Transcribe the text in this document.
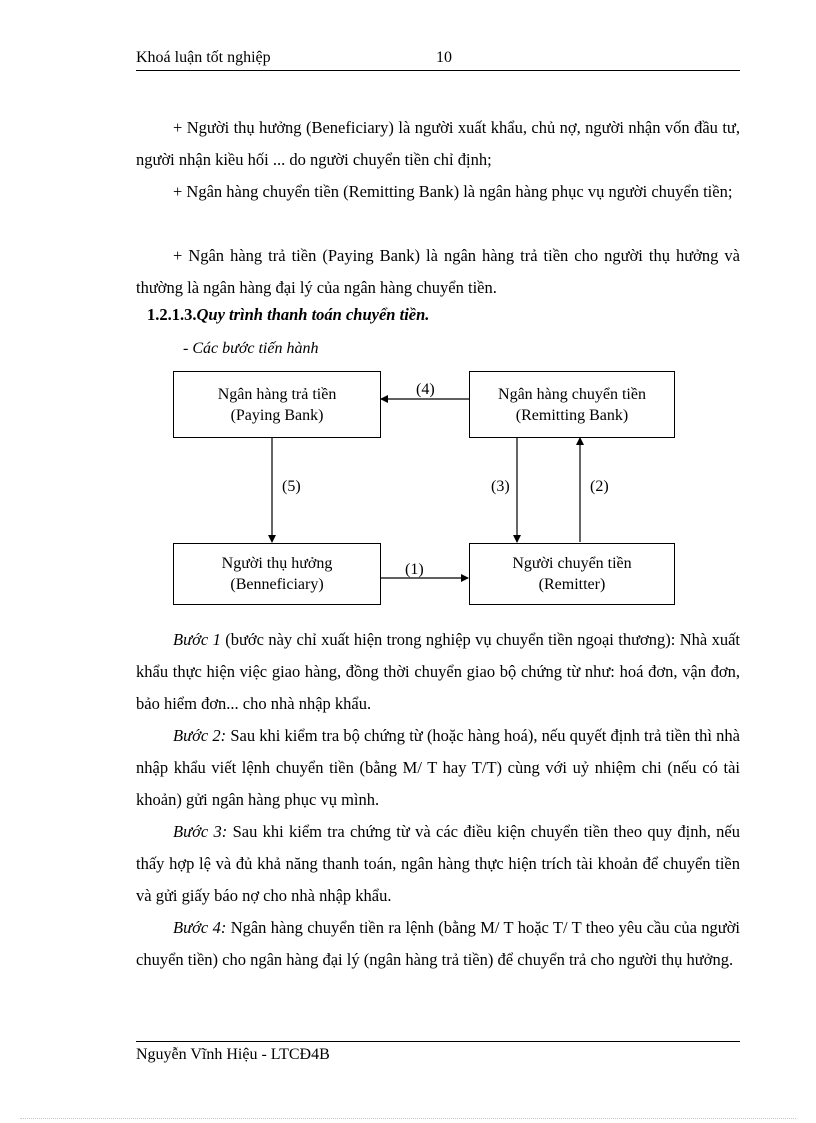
Khoá luận tốt nghiệp	10
+ Người thụ hưởng (Beneficiary) là người xuất khẩu, chủ nợ, người nhận vốn đầu tư, người nhận kiều hối ... do người chuyển tiền chỉ định;
+ Ngân hàng chuyển tiền (Remitting Bank) là ngân hàng phục vụ người chuyển tiền;
+ Ngân hàng trả tiền (Paying Bank) là ngân hàng trả tiền cho người thụ hưởng và thường là ngân hàng đại lý của ngân hàng chuyển tiền.
1.2.1.3.Quy trình thanh toán chuyển tiền.
- Các bước tiến hành
Ngân hàng trả tiền
(Paying Bank)
Ngân hàng chuyển tiền
(Remitting Bank)
Người thụ hưởng
(Benneficiary)
Người chuyển tiền
(Remitter)
(4)
(5)	(3)	(2)
(1)
Bước 1 (bước này chỉ xuất hiện trong nghiệp vụ chuyển tiền ngoại thương): Nhà xuất khẩu thực hiện việc giao hàng, đồng thời chuyển giao bộ chứng từ như: hoá đơn, vận đơn, bảo hiểm đơn... cho nhà nhập khẩu.
Bước 2: Sau khi kiểm tra bộ chứng từ (hoặc hàng hoá), nếu quyết định trả tiền thì nhà nhập khẩu viết lệnh chuyển tiền (bằng M/ T hay T/T) cùng với uỷ nhiệm chi (nếu có tài khoản) gửi ngân hàng phục vụ mình.
Bước 3: Sau khi kiểm tra chứng từ và các điều kiện chuyển tiền theo quy định, nếu thấy hợp lệ và đủ khả năng thanh toán, ngân hàng thực hiện trích tài khoản để chuyển tiền và gửi giấy báo nợ cho nhà nhập khẩu.
Bước 4: Ngân hàng chuyển tiền ra lệnh (bằng M/ T hoặc T/ T theo yêu cầu của người chuyển tiền) cho ngân hàng đại lý (ngân hàng trả tiền) để chuyển trả cho người thụ hưởng.
Nguyễn Vĩnh Hiệu - LTCĐ4B
